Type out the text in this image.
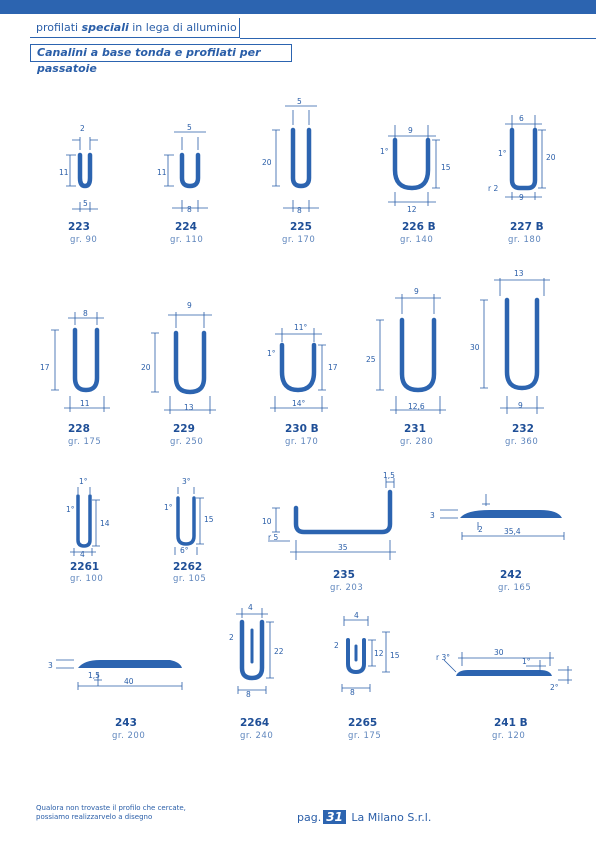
profilati speciali in lega di alluminio
Canalini a base tonda e profilati per passatoie
2
11
5
223
gr. 90
5
11
8
224
gr. 110
5
20
8
225
gr. 170
9
1°
15
12
226 B
gr. 140
6
1°	20
r 2
9
227 B
gr. 180
8
17
11
228
gr. 175
9
20
13
229
gr. 250
11°
1°
17
14°
230 B
gr. 170
9
25
12,6
231
gr. 280
13
30
9
232
gr. 360
1°
1°
14
4
2261
gr. 100
3°
1°
15
6°
2262
gr. 105
1,5
10
r 5
35
235
gr. 203
3
2	35,4
242
gr. 165
3
1,5
40
243
gr. 200
4
2
22
8
2264
gr. 240
4
2
12 15
8
2265
gr. 175
r 3°
30
1°
2°
241 B
gr. 120
Qualora non trovaste il profilo che cercate,
possiamo realizzarvelo a disegno	pag. 31 La Milano S.r.l.
